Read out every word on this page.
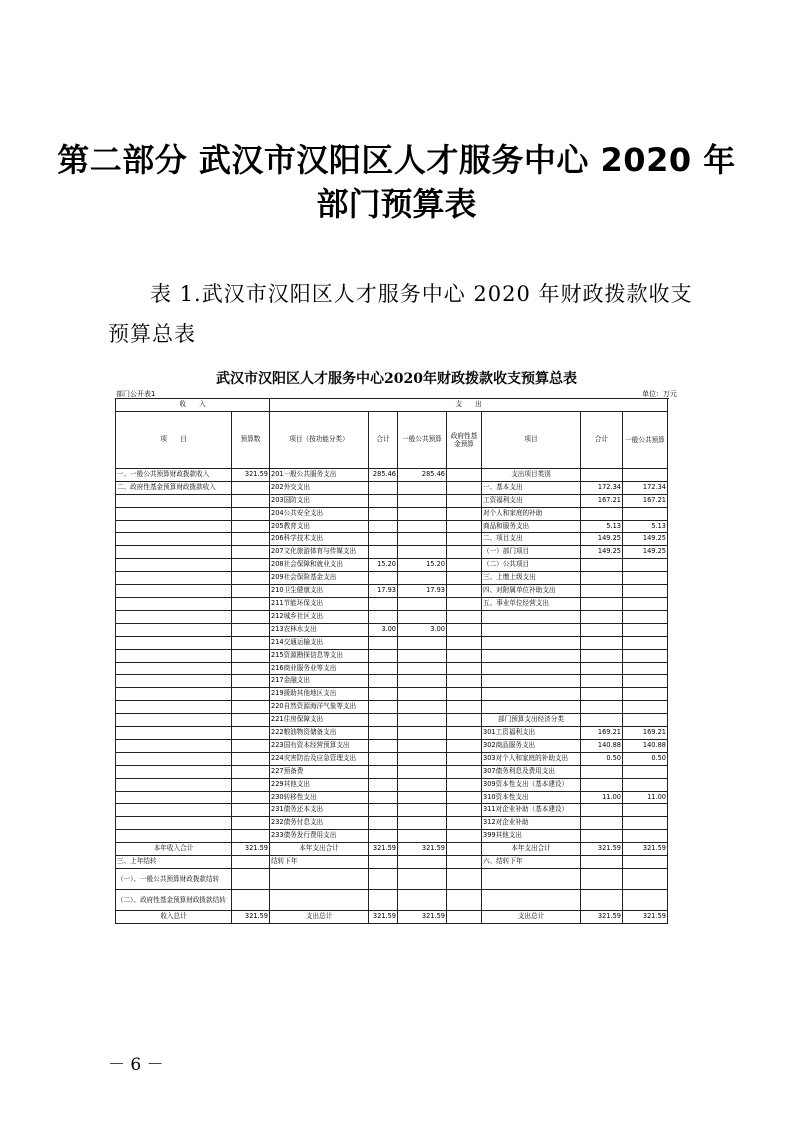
第二部分 武汉市汉阳区人才服务中心 2020 年
部门预算表
表 1.武汉市汉阳区人才服务中心 2020 年财政拨款收支预算总表
武汉市汉阳区人才服务中心2020年财政拨款收支预算总表
部门公开表1	单位：万元
收　　入		支　　出							
项　　目	预算数	项目（按功能分类）	合计	一般公共预算	政府性基金预算	项目	合计	一般公共预算	
一、一般公共预算财政拨款收入	321.59	201一般公共服务支出	285.46	285.46		支出项目类别			
二、政府性基金预算财政拨款收入		202外交支出				一、基本支出	172.34	172.34	
		203国防支出				工资福利支出	167.21	167.21	
		204公共安全支出				对个人和家庭的补助			
		205教育支出				商品和服务支出	5.13	5.13	
		206科学技术支出				二、项目支出	149.25	149.25	
		207文化旅游体育与传媒支出				（一）部门项目	149.25	149.25	
		208社会保障和就业支出	15.20	15.20		（二）公共项目			
		209社会保险基金支出				三、上缴上级支出			
		210卫生健康支出	17.93	17.93		四、对附属单位补助支出			
		211节能环保支出				五、事业单位经营支出			
		212城乡社区支出							
		213农林水支出	3.00	3.00					
		214交通运输支出							
		215资源勘探信息等支出							
		216商业服务业等支出							
		217金融支出							
		219援助其他地区支出							
		220自然资源海洋气象等支出							
		221住房保障支出				部门预算支出经济分类			
		222粮油物资储备支出				301工资福利支出	169.21	169.21	
		223国有资本经营预算支出				302商品服务支出	140.88	140.88	
		224灾害防治及应急管理支出				303对个人和家庭的补助支出	0.50	0.50	
		227预备费				307债务利息及费用支出			
		229其他支出				309资本性支出（基本建设）			
		230转移性支出				310资本性支出	11.00	11.00	
		231债务还本支出				311对企业补助（基本建设）			
		232债务付息支出				312对企业补助			
		233债务发行费用支出				399其他支出			
本年收入合计	321.59	本年支出合计	321.59	321.59		本年支出合计	321.59	321.59	
三、上年结转		结转下年				六、结转下年			
（一）、一般公共预算财政拨款结转									
（二）、政府性基金预算财政拨款结转									
收入总计	321.59	支出总计	321.59	321.59		支出总计	321.59	321.59	
－ 6 －
